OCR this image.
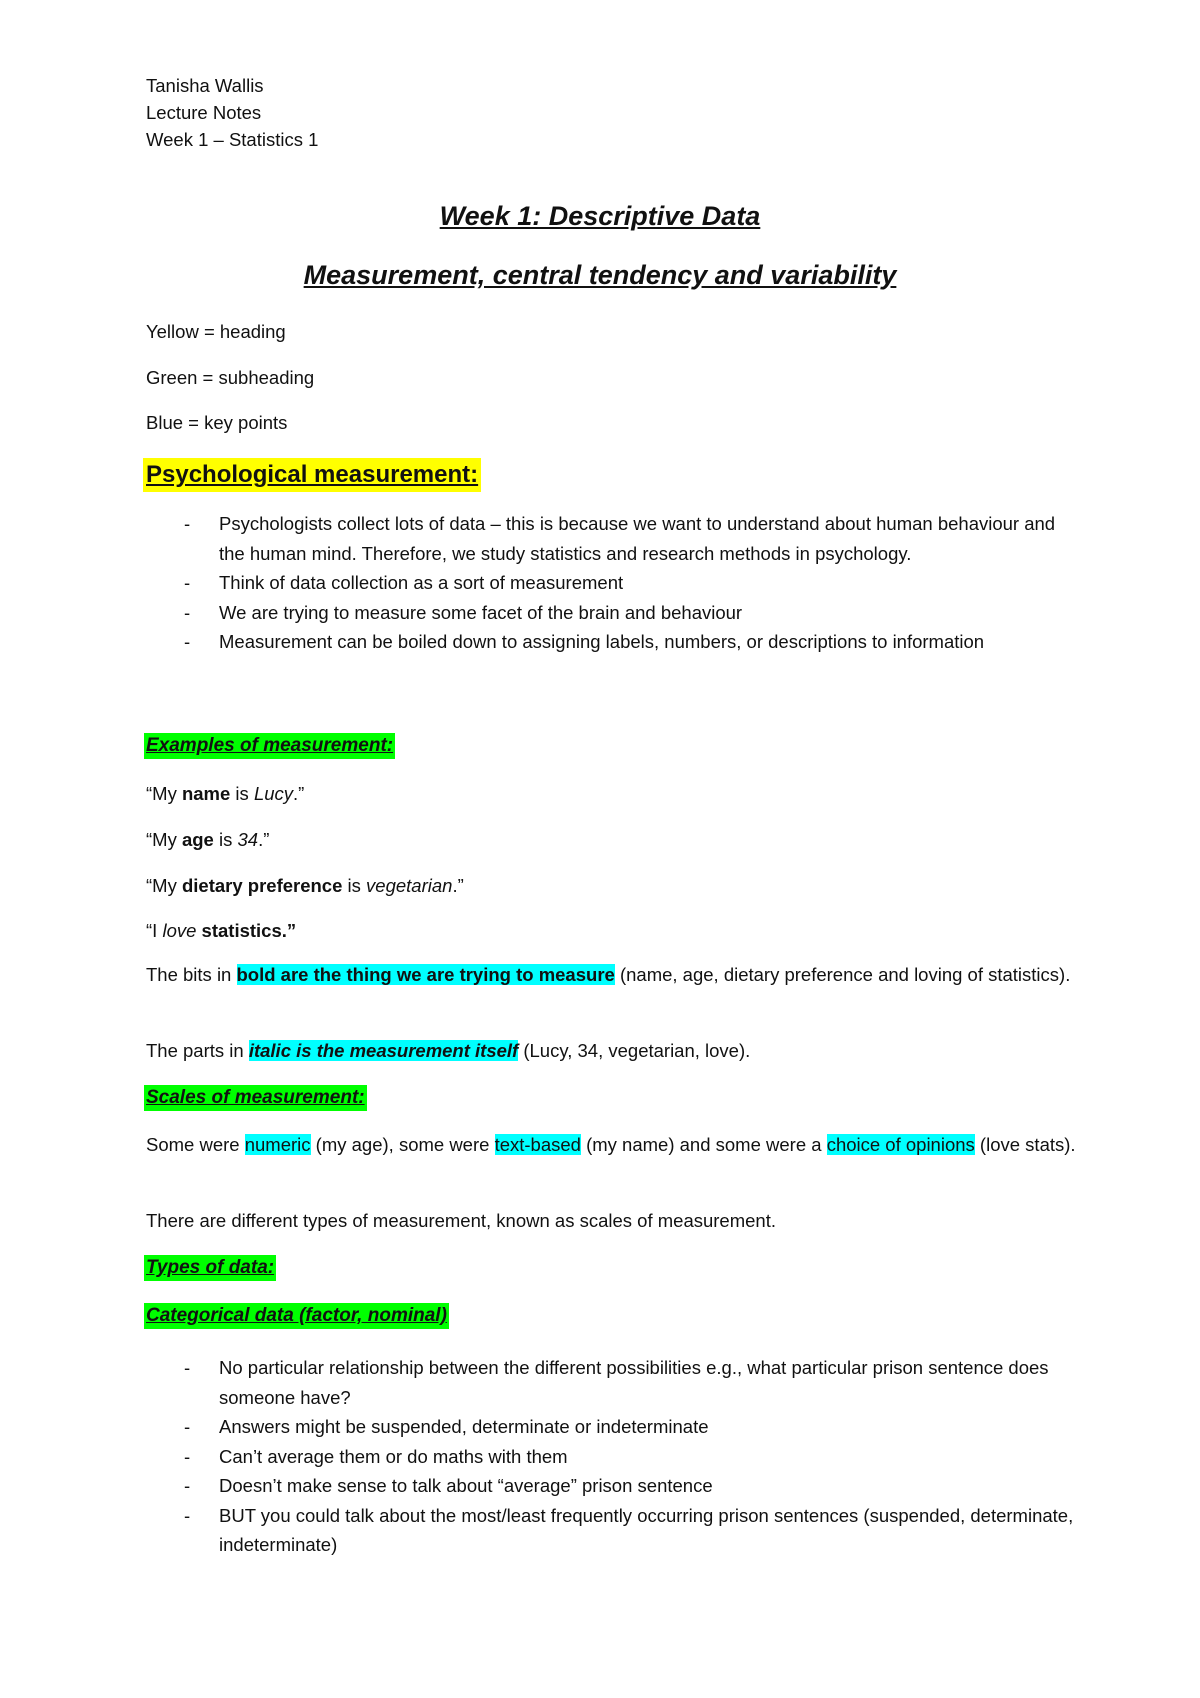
Tanisha Wallis
Lecture Notes
Week 1 – Statistics 1
Week 1: Descriptive Data
Measurement, central tendency and variability
Yellow = heading
Green = subheading
Blue = key points
Psychological measurement:
- Psychologists collect lots of data – this is because we want to understand about human behaviour and the human mind. Therefore, we study statistics and research methods in psychology.
- Think of data collection as a sort of measurement
- We are trying to measure some facet of the brain and behaviour
- Measurement can be boiled down to assigning labels, numbers, or descriptions to information
Examples of measurement:
“My name is Lucy.”
“My age is 34.”
“My dietary preference is vegetarian.”
“I love statistics.”
The bits in bold are the thing we are trying to measure (name, age, dietary preference and loving of statistics).
The parts in italic is the measurement itself (Lucy, 34, vegetarian, love).
Scales of measurement:
Some were numeric (my age), some were text-based (my name) and some were a choice of opinions (love stats).
There are different types of measurement, known as scales of measurement.
Types of data:
Categorical data (factor, nominal)
- No particular relationship between the different possibilities e.g., what particular prison sentence does someone have?
- Answers might be suspended, determinate or indeterminate
- Can’t average them or do maths with them
- Doesn’t make sense to talk about “average” prison sentence
- BUT you could talk about the most/least frequently occurring prison sentences (suspended, determinate, indeterminate)
